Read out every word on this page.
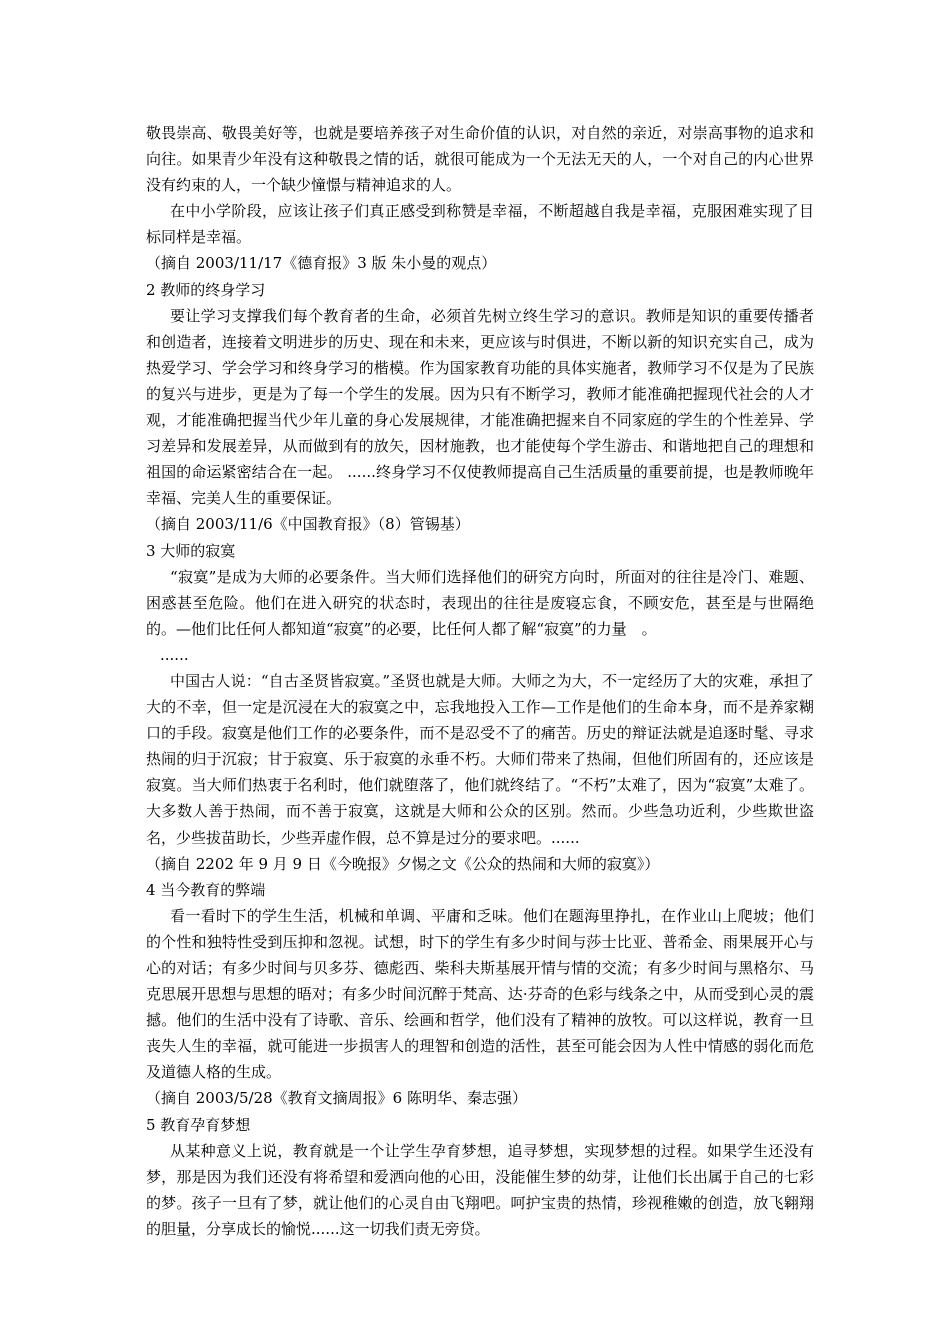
敬畏崇高、敬畏美好等，也就是要培养孩子对生命价值的认识，对自然的亲近，对崇高事物的追求和向往。如果青少年没有这种敬畏之情的话，就很可能成为一个无法无天的人，一个对自己的内心世界没有约束的人，一个缺少憧憬与精神追求的人。

在中小学阶段，应该让孩子们真正感受到称赞是幸福，不断超越自我是幸福，克服困难实现了目标同样是幸福。

（摘自 2003/11/17《德育报》3 版 朱小曼的观点）

2 教师的终身学习

要让学习支撑我们每个教育者的生命，必须首先树立终生学习的意识。教师是知识的重要传播者和创造者，连接着文明进步的历史、现在和未来，更应该与时俱进，不断以新的知识充实自己，成为热爱学习、学会学习和终身学习的楷模。作为国家教育功能的具体实施者，教师学习不仅是为了民族的复兴与进步，更是为了每一个学生的发展。因为只有不断学习，教师才能准确把握现代社会的人才观，才能准确把握当代少年儿童的身心发展规律，才能准确把握来自不同家庭的学生的个性差异、学习差异和发展差异，从而做到有的放矢，因材施教，也才能使每个学生游击、和谐地把自己的理想和祖国的命运紧密结合在一起。 ......终身学习不仅使教师提高自己生活质量的重要前提，也是教师晚年幸福、完美人生的重要保证。

（摘自 2003/11/6《中国教育报》（8）管锡基）

3 大师的寂寞

“寂寞”是成为大师的必要条件。当大师们选择他们的研究方向时，所面对的往往是冷门、难题、困惑甚至危险。他们在进入研究的状态时，表现出的往往是废寝忘食，不顾安危，甚至是与世隔绝的。—他们比任何人都知道“寂寞”的必要，比任何人都了解“寂寞”的力量　。

......

中国古人说：“自古圣贤皆寂寞。”圣贤也就是大师。大师之为大，不一定经历了大的灾难，承担了大的不幸，但一定是沉浸在大的寂寞之中，忘我地投入工作—工作是他们的生命本身，而不是养家糊口的手段。寂寞是他们工作的必要条件，而不是忍受不了的痛苦。历史的辩证法就是追逐时髦、寻求热闹的归于沉寂；甘于寂寞、乐于寂寞的永垂不朽。大师们带来了热闹，但他们所固有的，还应该是寂寞。当大师们热衷于名利时，他们就堕落了，他们就终结了。“不朽”太难了，因为“寂寞”太难了。大多数人善于热闹，而不善于寂寞，这就是大师和公众的区别。然而。少些急功近利，少些欺世盗名，少些拔苗助长，少些弄虚作假，总不算是过分的要求吧。......

（摘自 2202 年 9 月 9 日《今晚报》夕惕之文《公众的热闹和大师的寂寞》）

4 当今教育的弊端

看一看时下的学生生活，机械和单调、平庸和乏味。他们在题海里挣扎，在作业山上爬坡；他们的个性和独特性受到压抑和忽视。试想，时下的学生有多少时间与莎士比亚、普希金、雨果展开心与心的对话；有多少时间与贝多芬、德彪西、柴科夫斯基展开情与情的交流；有多少时间与黑格尔、马克思展开思想与思想的晤对；有多少时间沉醉于梵高、达·芬奇的色彩与线条之中，从而受到心灵的震撼。他们的生活中没有了诗歌、音乐、绘画和哲学，他们没有了精神的放牧。可以这样说，教育一旦丧失人生的幸福，就可能进一步损害人的理智和创造的活性，甚至可能会因为人性中情感的弱化而危及道德人格的生成。

（摘自 2003/5/28《教育文摘周报》6 陈明华、秦志强）

5 教育孕育梦想

从某种意义上说，教育就是一个让学生孕育梦想，追寻梦想，实现梦想的过程。如果学生还没有梦，那是因为我们还没有将希望和爱洒向他的心田，没能催生梦的幼芽，让他们长出属于自己的七彩的梦。孩子一旦有了梦，就让他们的心灵自由飞翔吧。呵护宝贵的热情，珍视稚嫩的创造，放飞翱翔的胆量，分享成长的愉悦......这一切我们责无旁贷。
